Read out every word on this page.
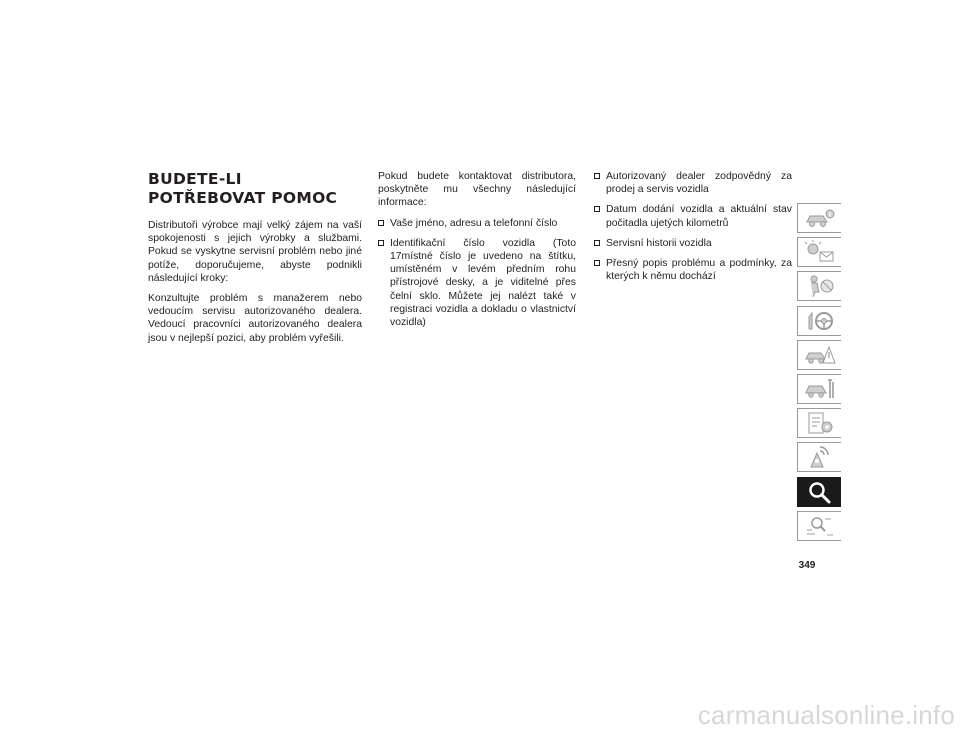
BUDETE-LI POTŘEBOVAT POMOC

Distributoři výrobce mají velký zájem na vaší spokojenosti s jejich výrobky a službami. Pokud se vyskytne servisní problém nebo jiné potíže, doporučujeme, abyste podnikli následující kroky:

Konzultujte problém s manažerem nebo vedoucím servisu autorizovaného dealera. Vedoucí pracovníci autorizovaného dealera jsou v nejlepší pozici, aby problém vyřešili.

Pokud budete kontaktovat distributora, poskytněte mu všechny následující informace:

Vaše jméno, adresu a telefonní číslo
Identifikační číslo vozidla (Toto 17místné číslo je uvedeno na štítku, umístěném v levém předním rohu přístrojové desky, a je viditelné přes čelní sklo. Můžete jej nalézt také v registraci vozidla a dokladu o vlastnictví vozidla)
Autorizovaný dealer zodpovědný za prodej a servis vozidla
Datum dodání vozidla a aktuální stav počitadla ujetých kilometrů
Servisní historii vozidla
Přesný popis problému a podmínky, za kterých k němu dochází
349
carmanualsonline.info
